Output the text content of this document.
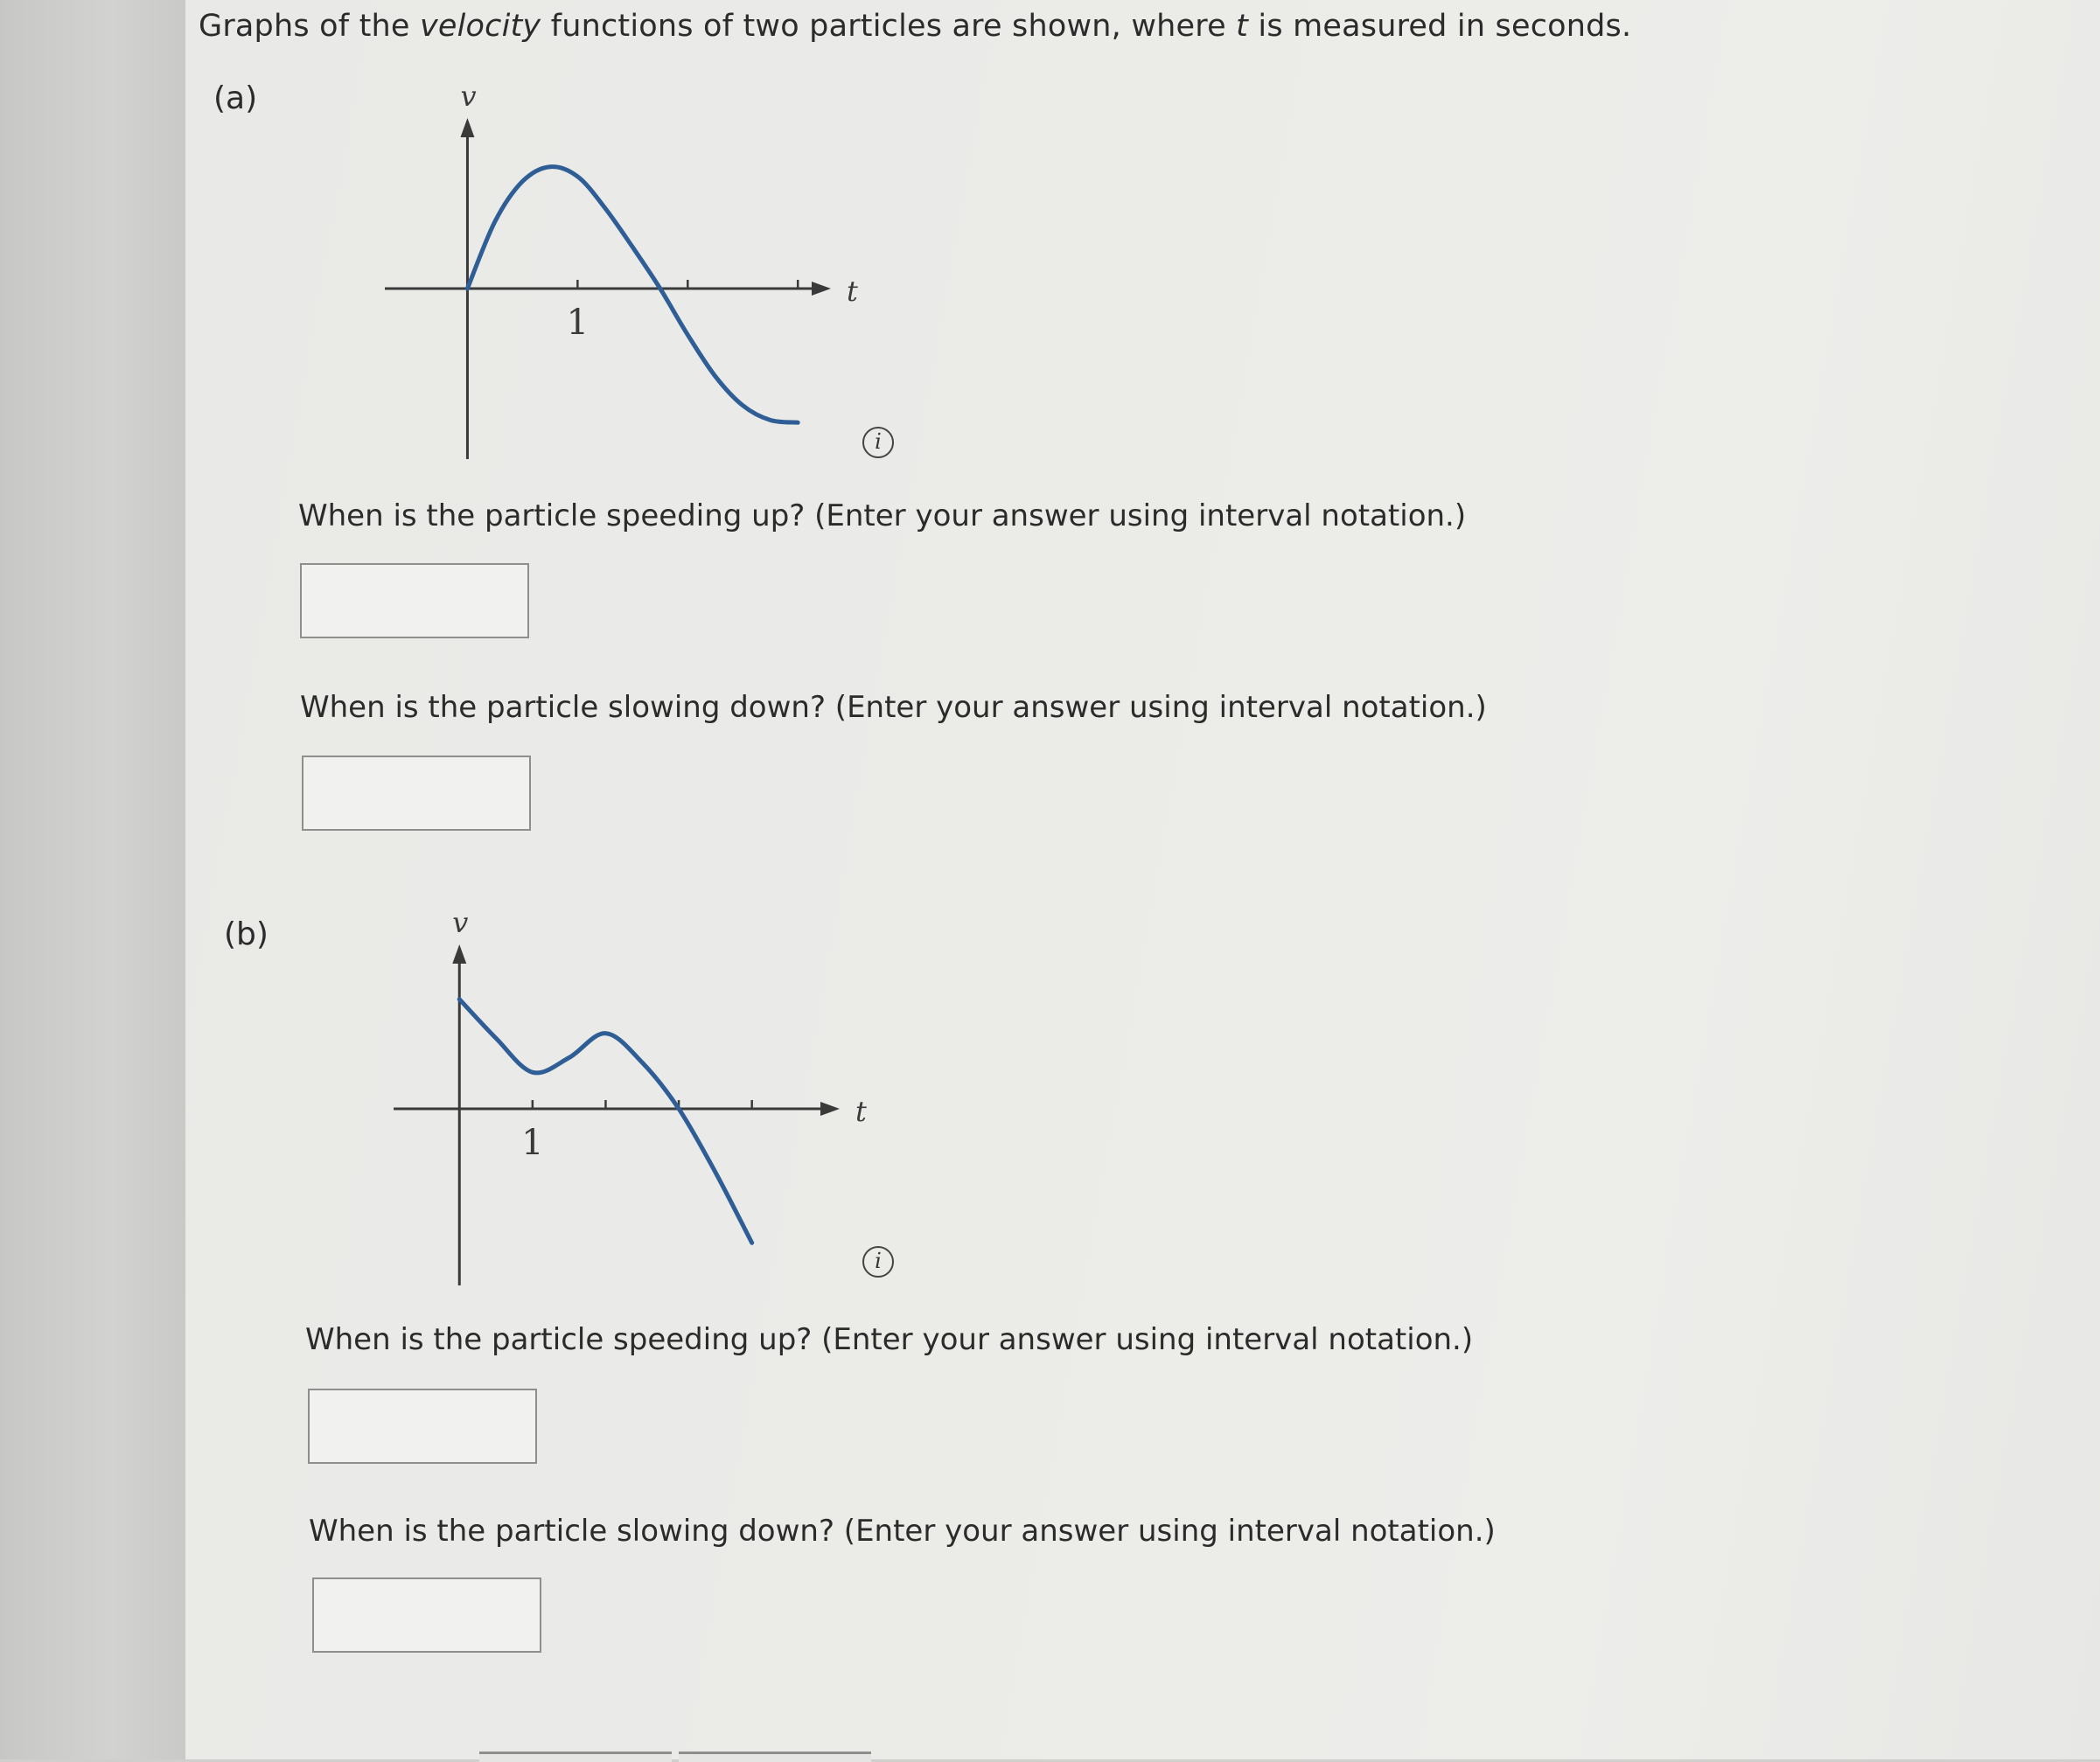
Graphs of the velocity functions of two particles are shown, where t is measured in seconds.
(a)
t
v
1
i
When is the particle speeding up? (Enter your answer using interval notation.)
When is the particle slowing down? (Enter your answer using interval notation.)
(b)
t
v
1
i
When is the particle speeding up? (Enter your answer using interval notation.)
When is the particle slowing down? (Enter your answer using interval notation.)
